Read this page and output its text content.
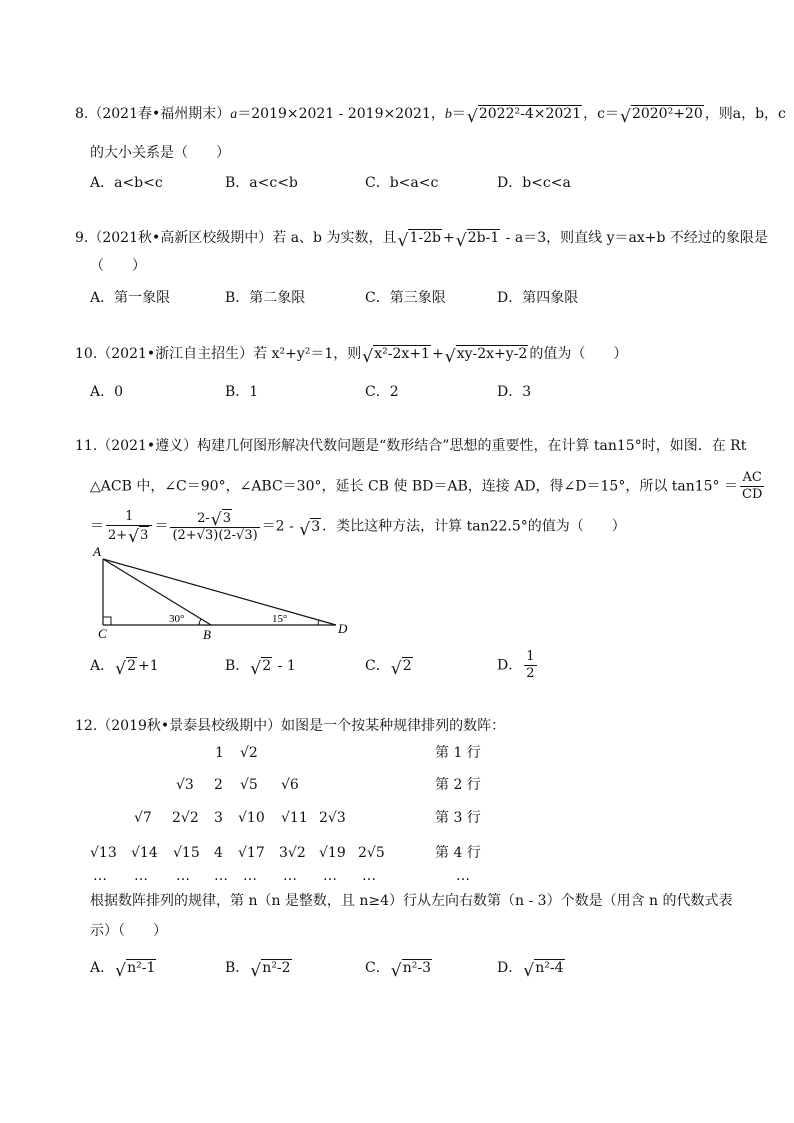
8.（2021春•福州期末）a＝2019×2021 - 2019×2021，b＝ √ 2022²-4×2021 ，c＝ √ 2020²+20 ，则a，b，c
的大小关系是（　　）
A．a<b<c	B．a<c<b	C．b<a<c	D．b<c<a
9.（2021秋•高新区校级期中）若 a、b 为实数，且 √ 1-2b + √ 2b-1 - a＝3，则直线 y＝ax+b 不经过的象限是
（　　）
A．第一象限	B．第二象限	C．第三象限	D．第四象限
10.（2021•浙江自主招生）若 x²+y²＝1，则 √ x²-2x+1 + √ xy-2x+y-2 的值为（　　）
A．0	B．1	C．2	D．3
11.（2021•遵义）构建几何图形解决代数问题是“数形结合”思想的重要性，在计算 tan15°时，如图．在 Rt
△ACB 中，∠C＝90°，∠ABC＝30°，延长 CB 使 BD＝AB，连接 AD，得∠D＝15°，所以 $\tan 15^\circ = \frac{AC}{CD}$
＝ $\frac{1}{2+ √ 3} = \frac{2- √ 3}{(2+√3)(2-√3)} =2$ - √ 3 ．类比这种方法，计算 tan22.5°的值为（　　）
A
C	B	D
30°	15°
A． √ 2 +1	B． √ 2 - 1	C． √ 2	D． $\frac{1}{2}$
12.（2019秋•景泰县校级期中）如图是一个按某种规律排列的数阵：
1 √2	第 1 行
√3 2 √5 √6	第 2 行
√7 2√2 3 √10 √11 2√3	第 3 行
√13 √14 √15 4 √17 3√2 √19 2√5	第 4 行
… … … … … … … …	…
根据数阵排列的规律，第 n（n 是整数，且 n≥4）行从左向右数第（n - 3）个数是（用含 n 的代数式表
示）（　　）
A． √ n²-1	B． √ n²-2	C． √ n²-3	D． √ n²-4
